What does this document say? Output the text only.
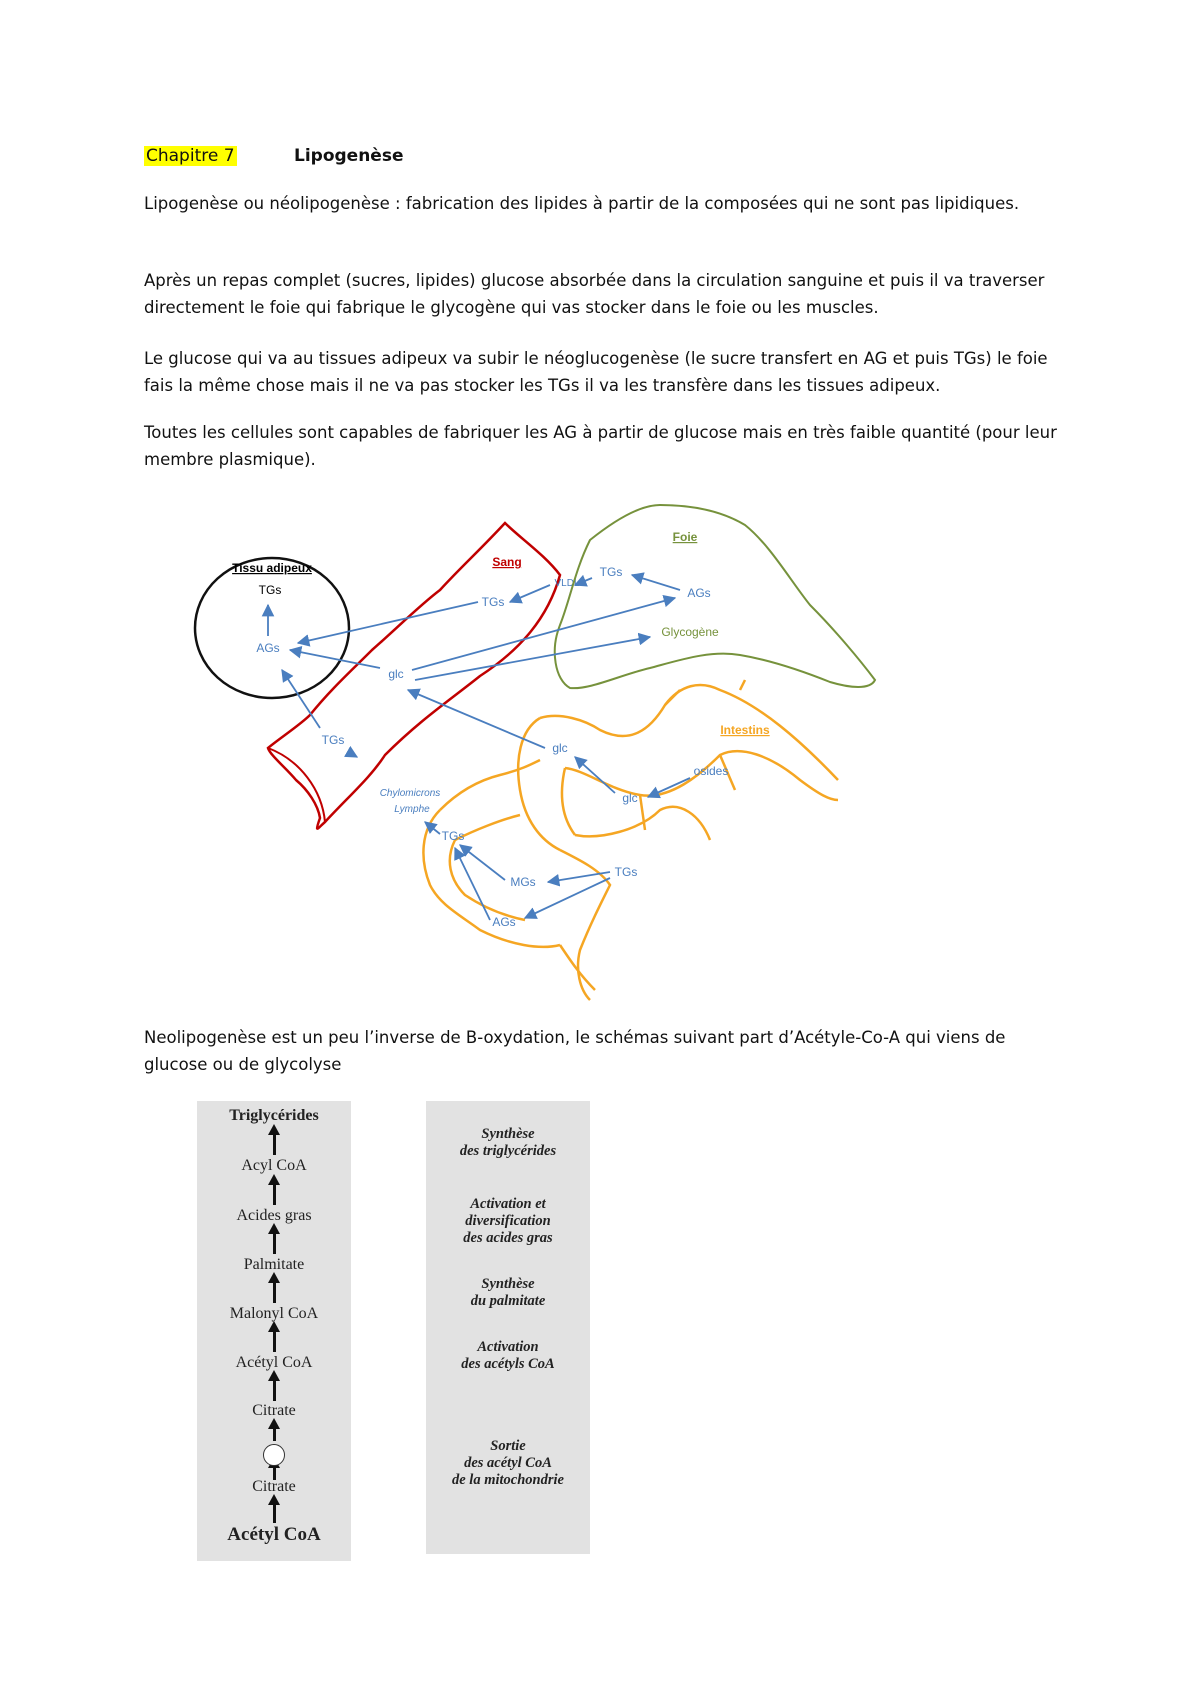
Chapitre 7	Lipogenèse

Lipogenèse ou néolipogenèse : fabrication des lipides à partir de la composées qui ne sont pas lipidiques.

Après un repas complet (sucres, lipides) glucose absorbée dans la circulation sanguine et puis il va traverser directement le foie qui fabrique le glycogène qui vas stocker dans le foie ou les muscles.

Le glucose qui va au tissues adipeux va subir le néoglucogenèse (le sucre transfert en AG et puis TGs) le foie fais la même chose mais il ne va pas stocker les TGs il va les transfère dans les tissues adipeux.

Toutes les cellules sont capables de fabriquer les AG à partir de glucose mais en très faible quantité (pour leur membre plasmique).

Tissu adipeux
TGs
AGs
Sang
VLDL
TGs
glc
Foie
TGs
AGs
Glycogène
Intestins
glc
osides
glc
TGs
MGs
AGs
TGs
TGs
Chylomicrons
Lymphe

Neolipogenèse est un peu l’inverse de B-oxydation, le schémas suivant part d’Acétyle-Co-A qui viens de glucose ou de glycolyse

Triglycérides
Acyl CoA
Acides gras
Palmitate
Malonyl CoA
Acétyl CoA
Citrate
Citrate
Acétyl CoA
Synthèse
des triglycérides
Activation et
diversification
des acides gras
Synthèse
du palmitate
Activation
des acétyls CoA
Sortie
des acétyl CoA
de la mitochondrie
